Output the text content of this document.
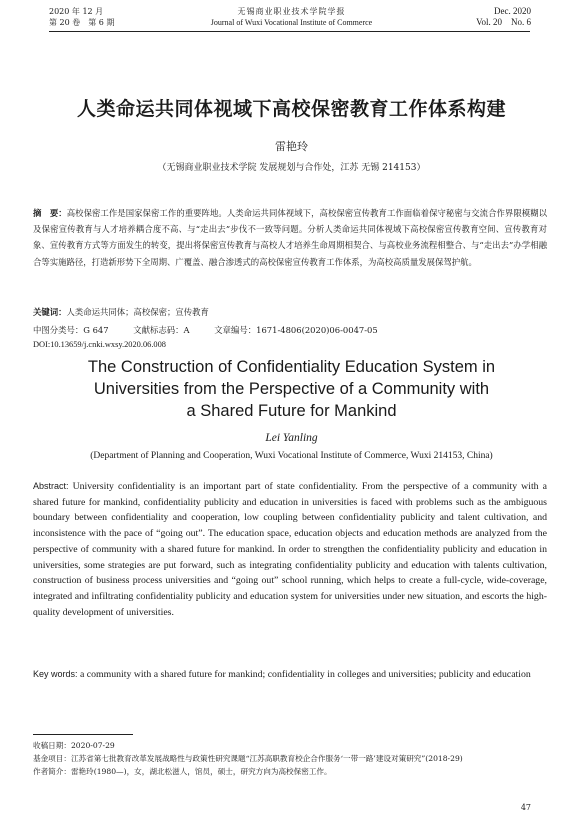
2020 年 12 月
第 20 卷　第 6 期
无锡商业职业技术学院学报
Journal of Wuxi Vocational Institute of Commerce
Dec. 2020
Vol. 20　No. 6
人类命运共同体视域下高校保密教育工作体系构建
雷艳玲
（无锡商业职业技术学院 发展规划与合作处，江苏 无锡 214153）
摘　要：高校保密工作是国家保密工作的重要阵地。人类命运共同体视域下，高校保密宣传教育工作面临着保守秘密与交流合作界限模糊以及保密宣传教育与人才培养耦合度不高、与“走出去”步伐不一致等问题。分析人类命运共同体视域下高校保密宣传教育空间、宣传教育对象、宣传教育方式等方面发生的转变，提出将保密宣传教育与高校人才培养生命周期相契合、与高校业务流程相整合、与“走出去”办学相融合等实施路径，打造新形势下全周期、广覆盖、融合渗透式的高校保密宣传教育工作体系，为高校高质量发展保驾护航。
关键词：人类命运共同体；高校保密；宣传教育
中图分类号：G 647	文献标志码：A	文章编号：1671-4806(2020)06-0047-05
DOI:10.13659/j.cnki.wxsy.2020.06.008
The Construction of Confidentiality Education System in
Universities from the Perspective of a Community with
a Shared Future for Mankind
Lei Yanling
(Department of Planning and Cooperation, Wuxi Vocational Institute of Commerce, Wuxi 214153, China)
Abstract: University confidentiality is an important part of state confidentiality. From the perspective of a community with a shared future for mankind, confidentiality publicity and education in universities is faced with problems such as the ambiguous boundary between confidentiality and cooperation, low coupling between confidentiality publicity and talent cultivation, and inconsistence with the pace of “going out”. The education space, education objects and education methods are analyzed from the perspective of community with a shared future for mankind. In order to strengthen the confidentiality publicity and education in universities, some strategies are put forward, such as integrating confidentiality publicity and education with talents cultivation, construction of business process universities and “going out” school running, which helps to create a full-cycle, wide-coverage, integrated and infiltrating confidentiality publicity and education system for universities under new situation, and escorts the high-quality development of universities.
Key words: a community with a shared future for mankind; confidentiality in colleges and universities; publicity and education
收稿日期：2020-07-29
基金项目：江苏省第七批教育改革发展战略性与政策性研究课题“江苏高职教育校企合作服务‘一带一路’建设对策研究”(2018-29)
作者简介：雷艳玲(1980—)，女，湖北松滋人，馆员，硕士，研究方向为高校保密工作。
47
